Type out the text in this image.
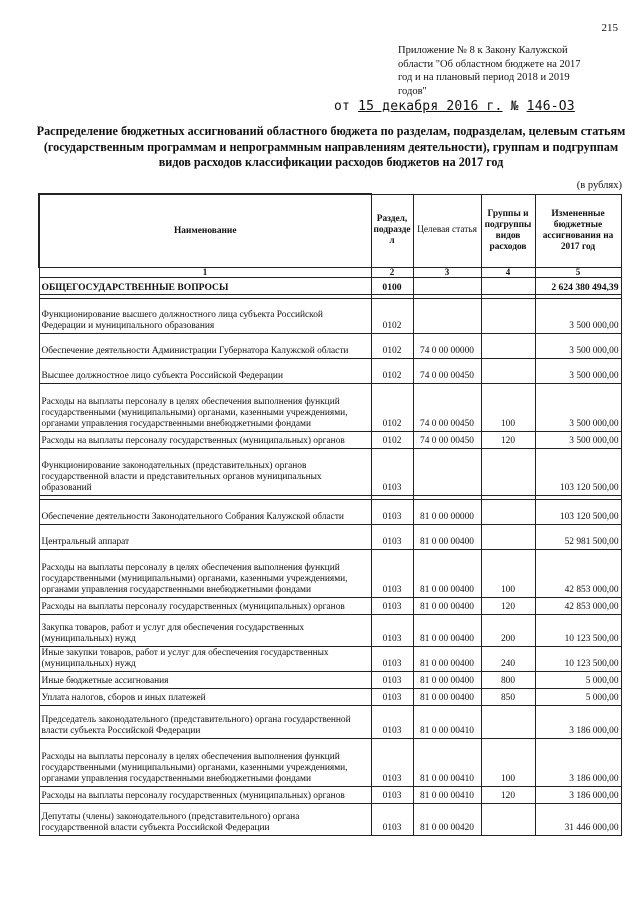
215
Приложение № 8 к Закону Калужской
области "Об областном бюджете на 2017
год и на плановый период 2018 и 2019
годов"
от 15 декабря 2016 г. № 146-ОЗ
Распределение бюджетных ассигнований областного бюджета по разделам, подразделам, целевым статьям (государственным программам и непрограммным направлениям деятельности), группам и подгруппам видов расходов классификации расходов бюджетов на 2017 год
(в рублях)
Наименование	Раздел, подразде л	Целевая статья	Группы и подгруппы видов расходов	Измененные бюджетные ассигнования на 2017 год
1	2	3	4	5
ОБЩЕГОСУДАРСТВЕННЫЕ ВОПРОСЫ	0100			2 624 380 494,39

Функционирование высшего должностного лица субъекта Российской Федерации и муниципального образования	0102			3 500 000,00
Обеспечение деятельности Администрации Губернатора Калужской области	0102	74 0 00 00000		3 500 000,00
Высшее должностное лицо субъекта Российской Федерации	0102	74 0 00 00450		3 500 000,00
Расходы на выплаты персоналу в целях обеспечения выполнения функций государственными (муниципальными) органами, казенными учреждениями, органами управления государственными внебюджетными фондами	0102	74 0 00 00450	100	3 500 000,00
Расходы на выплаты персоналу государственных (муниципальных) органов	0102	74 0 00 00450	120	3 500 000,00
Функционирование законодательных (представительных) органов государственной власти и представительных органов муниципальных образований	0103			103 120 500,00

Обеспечение деятельности Законодательного Собрания Калужской области	0103	81 0 00 00000		103 120 500,00
Центральный аппарат	0103	81 0 00 00400		52 981 500,00
Расходы на выплаты персоналу в целях обеспечения выполнения функций государственными (муниципальными) органами, казенными учреждениями, органами управления государственными внебюджетными фондами	0103	81 0 00 00400	100	42 853 000,00
Расходы на выплаты персоналу государственных (муниципальных) органов	0103	81 0 00 00400	120	42 853 000,00
Закупка товаров, работ и услуг для обеспечения государственных (муниципальных) нужд	0103	81 0 00 00400	200	10 123 500,00
Иные закупки товаров, работ и услуг для обеспечения государственных (муниципальных) нужд	0103	81 0 00 00400	240	10 123 500,00
Иные бюджетные ассигнования	0103	81 0 00 00400	800	5 000,00
Уплата налогов, сборов и иных платежей	0103	81 0 00 00400	850	5 000,00
Председатель законодательного (представительного) органа государственной власти субъекта Российской Федерации	0103	81 0 00 00410		3 186 000,00
Расходы на выплаты персоналу в целях обеспечения выполнения функций государственными (муниципальными) органами, казенными учреждениями, органами управления государственными внебюджетными фондами	0103	81 0 00 00410	100	3 186 000,00
Расходы на выплаты персоналу государственных (муниципальных) органов	0103	81 0 00 00410	120	3 186 000,00
Депутаты (члены) законодательного (представительного) органа государственной власти субъекта Российской Федерации	0103	81 0 00 00420		31 446 000,00
